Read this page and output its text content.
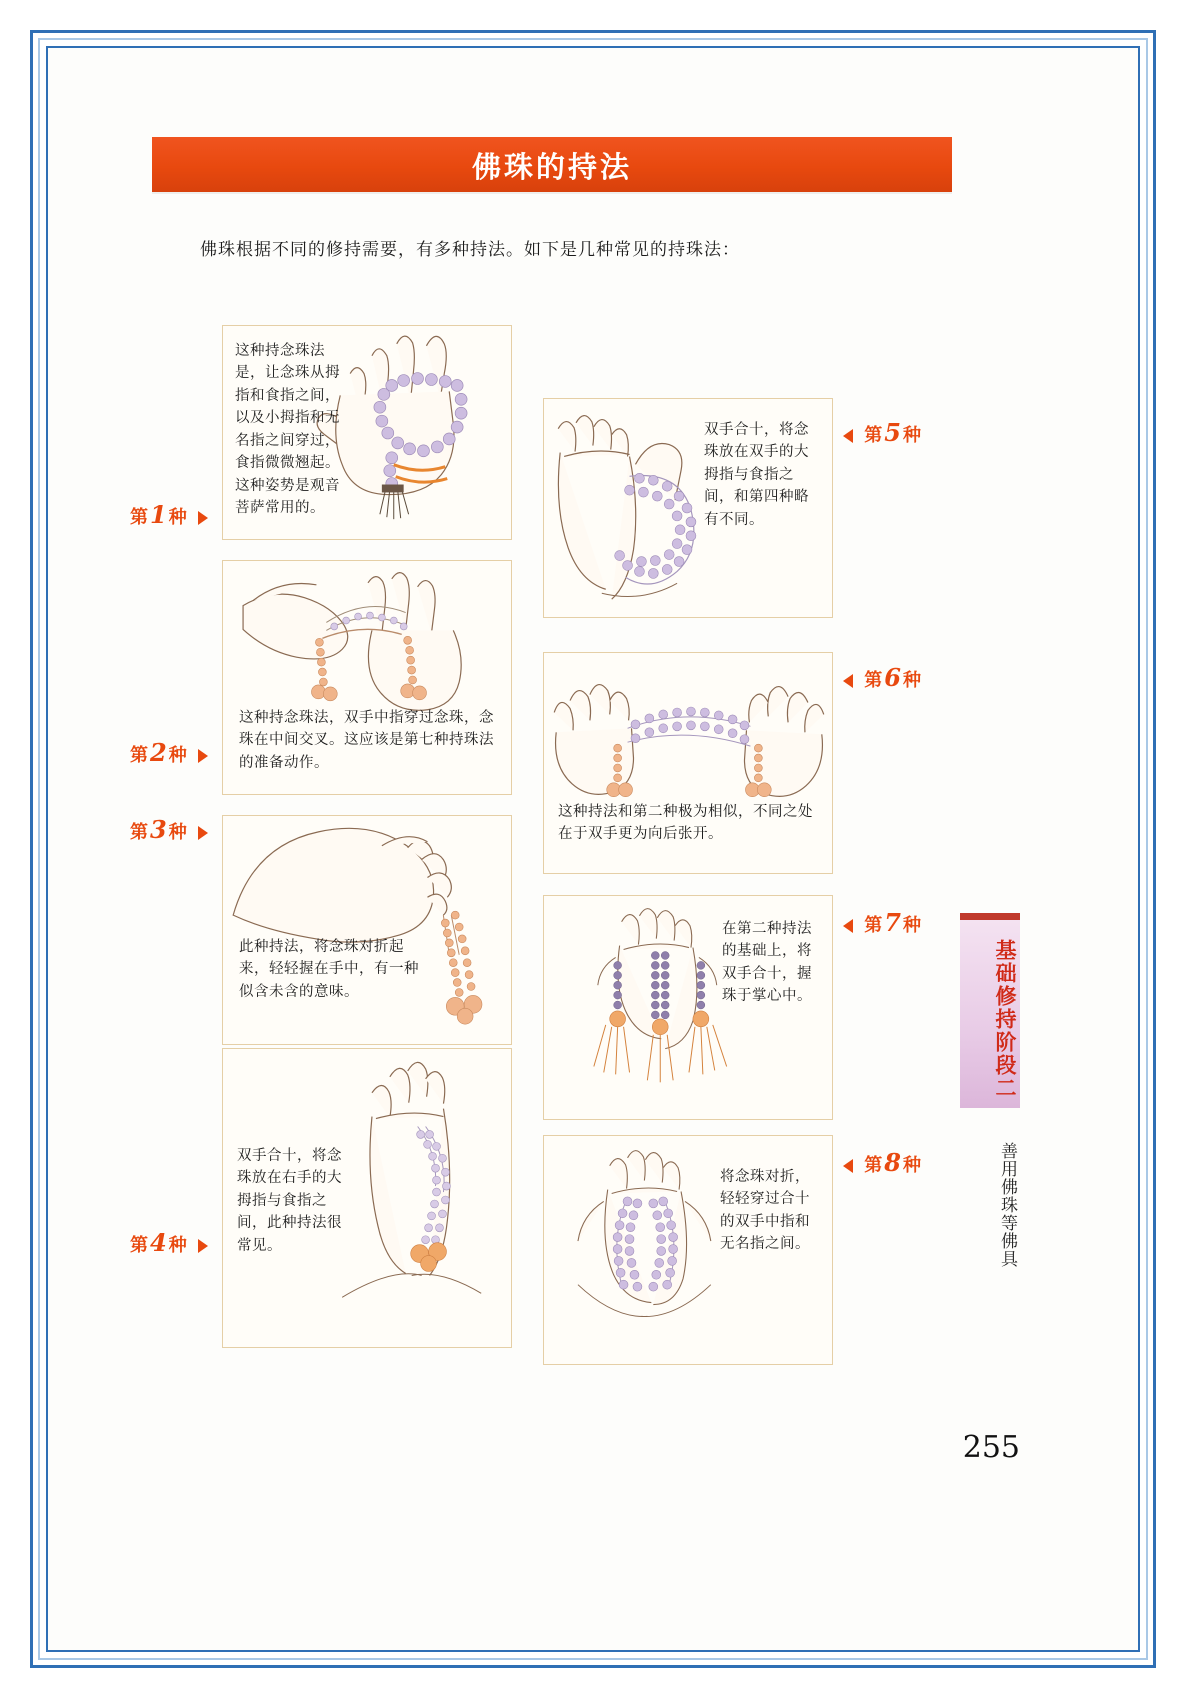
佛珠的持法
佛珠根据不同的修持需要，有多种持法。如下是几种常见的持珠法：
这种持念珠法是，让念珠从拇指和食指之间，以及小拇指和无名指之间穿过，食指微微翘起。这种姿势是观音菩萨常用的。
第1 种
这种持念珠法，双手中指穿过念珠，念珠在中间交叉。这应该是第七种持珠法的准备动作。
第2 种
此种持法，将念珠对折起来，轻轻握在手中，有一种似含未含的意味。
第3 种
双手合十，将念珠放在右手的大拇指与食指之间，此种持法很常见。
第4 种
双手合十，将念珠放在双手的大拇指与食指之间，和第四种略有不同。
第5 种
这种持法和第二种极为相似，不同之处在于双手更为向后张开。
第6 种
在第二种持法的基础上，将双手合十，握珠于掌心中。
第7 种
将念珠对折，轻轻穿过合十的双手中指和无名指之间。
第8 种
基础修持阶段二
善用佛珠等佛具
255
